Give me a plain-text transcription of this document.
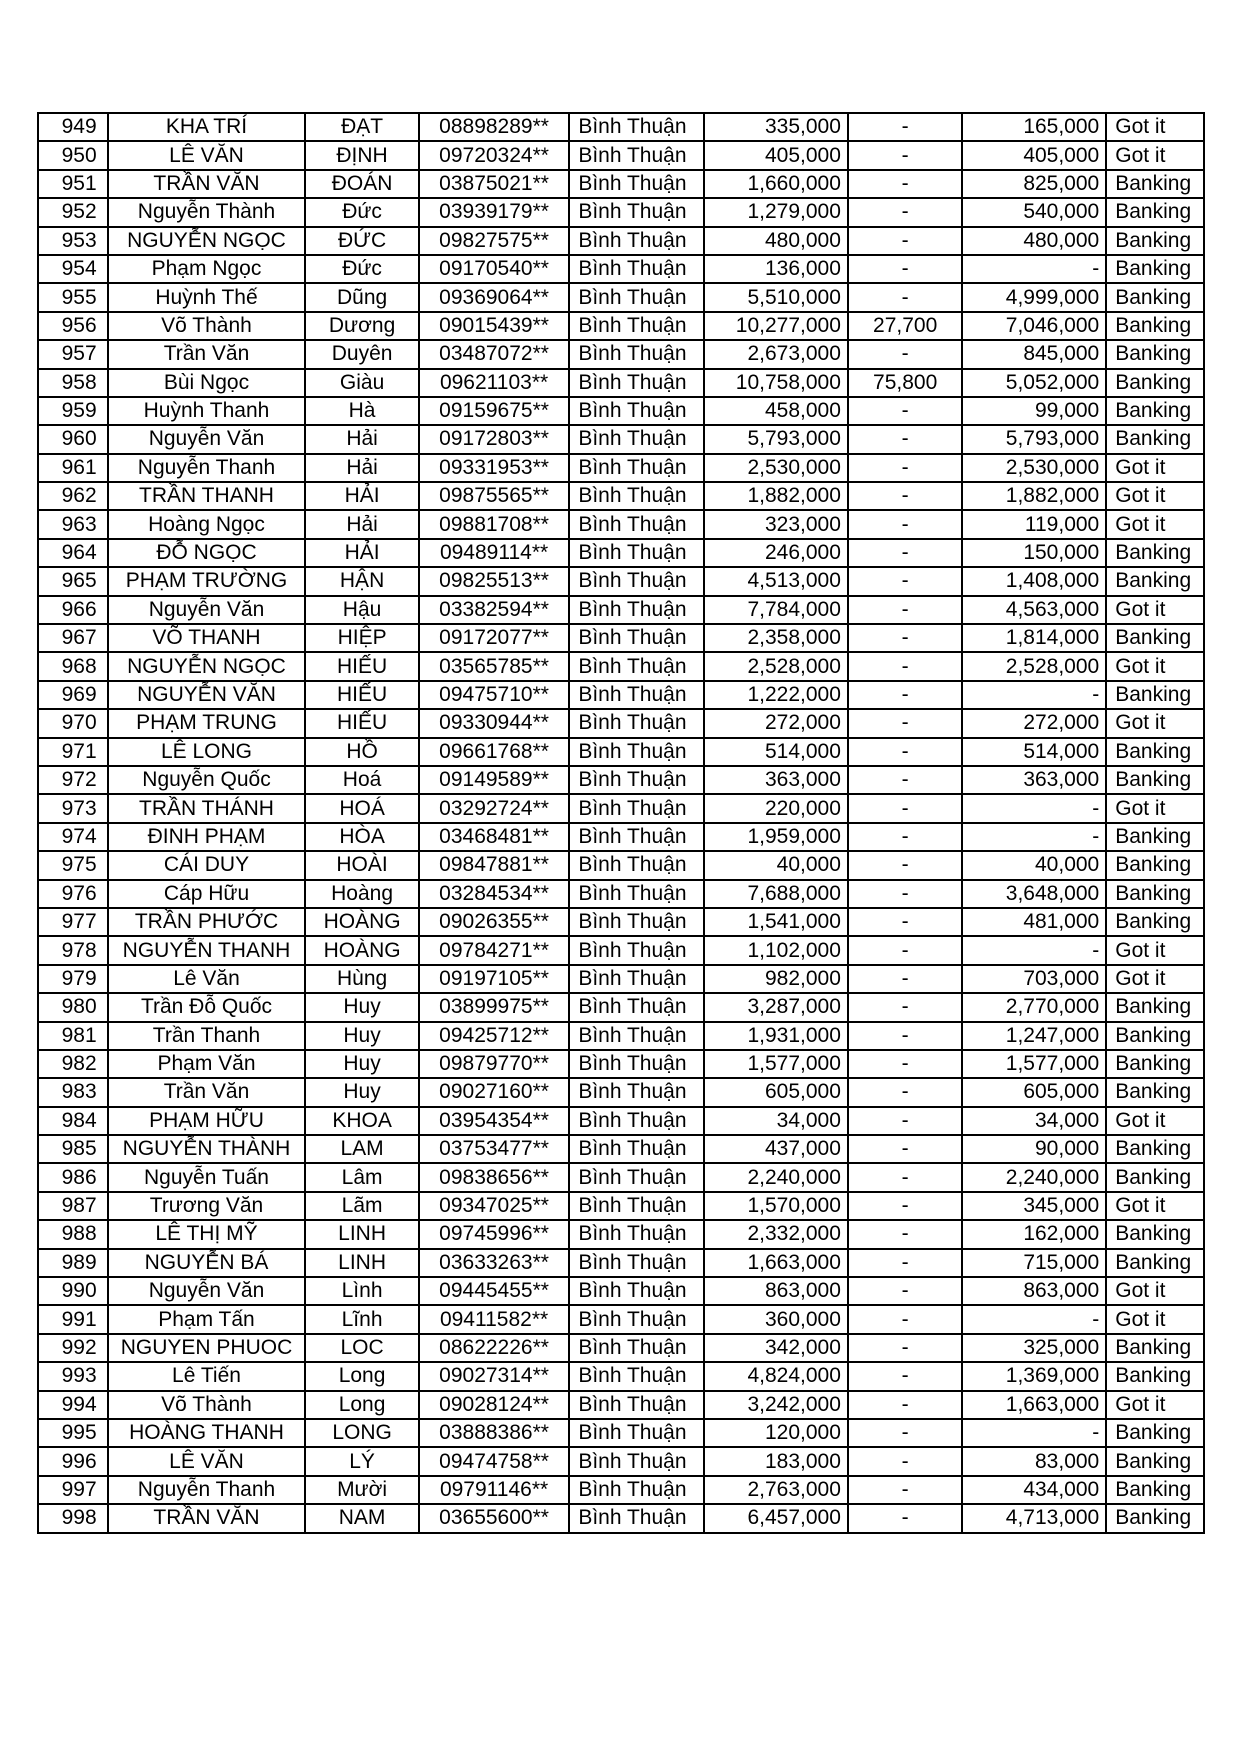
949	KHA TRÍ	ĐẠT	08898289**	Bình Thuận	335,000	-	165,000	Got it
950	LÊ VĂN	ĐỊNH	09720324**	Bình Thuận	405,000	-	405,000	Got it
951	TRẦN VĂN	ĐOÁN	03875021**	Bình Thuận	1,660,000	-	825,000	Banking
952	Nguyễn Thành	Đức	03939179**	Bình Thuận	1,279,000	-	540,000	Banking
953	NGUYỄN NGỌC	ĐỨC	09827575**	Bình Thuận	480,000	-	480,000	Banking
954	Phạm Ngọc	Đức	09170540**	Bình Thuận	136,000	-	-	Banking
955	Huỳnh Thế	Dũng	09369064**	Bình Thuận	5,510,000	-	4,999,000	Banking
956	Võ Thành	Dương	09015439**	Bình Thuận	10,277,000	27,700	7,046,000	Banking
957	Trần Văn	Duyên	03487072**	Bình Thuận	2,673,000	-	845,000	Banking
958	Bùi Ngọc	Giàu	09621103**	Bình Thuận	10,758,000	75,800	5,052,000	Banking
959	Huỳnh Thanh	Hà	09159675**	Bình Thuận	458,000	-	99,000	Banking
960	Nguyễn Văn	Hải	09172803**	Bình Thuận	5,793,000	-	5,793,000	Banking
961	Nguyễn Thanh	Hải	09331953**	Bình Thuận	2,530,000	-	2,530,000	Got it
962	TRẦN THANH	HẢI	09875565**	Bình Thuận	1,882,000	-	1,882,000	Got it
963	Hoàng Ngọc	Hải	09881708**	Bình Thuận	323,000	-	119,000	Got it
964	ĐỖ NGỌC	HẢI	09489114**	Bình Thuận	246,000	-	150,000	Banking
965	PHẠM TRƯỜNG	HẬN	09825513**	Bình Thuận	4,513,000	-	1,408,000	Banking
966	Nguyễn Văn	Hậu	03382594**	Bình Thuận	7,784,000	-	4,563,000	Got it
967	VÕ THANH	HIỆP	09172077**	Bình Thuận	2,358,000	-	1,814,000	Banking
968	NGUYỄN NGỌC	HIẾU	03565785**	Bình Thuận	2,528,000	-	2,528,000	Got it
969	NGUYỄN VĂN	HIẾU	09475710**	Bình Thuận	1,222,000	-	-	Banking
970	PHẠM TRUNG	HIẾU	09330944**	Bình Thuận	272,000	-	272,000	Got it
971	LÊ LONG	HỒ	09661768**	Bình Thuận	514,000	-	514,000	Banking
972	Nguyễn Quốc	Hoá	09149589**	Bình Thuận	363,000	-	363,000	Banking
973	TRẦN THÁNH	HOÁ	03292724**	Bình Thuận	220,000	-	-	Got it
974	ĐINH PHẠM	HÒA	03468481**	Bình Thuận	1,959,000	-	-	Banking
975	CÁI DUY	HOÀI	09847881**	Bình Thuận	40,000	-	40,000	Banking
976	Cáp Hữu	Hoàng	03284534**	Bình Thuận	7,688,000	-	3,648,000	Banking
977	TRẦN PHƯỚC	HOÀNG	09026355**	Bình Thuận	1,541,000	-	481,000	Banking
978	NGUYỄN THANH	HOÀNG	09784271**	Bình Thuận	1,102,000	-	-	Got it
979	Lê Văn	Hùng	09197105**	Bình Thuận	982,000	-	703,000	Got it
980	Trần Đỗ Quốc	Huy	03899975**	Bình Thuận	3,287,000	-	2,770,000	Banking
981	Trần Thanh	Huy	09425712**	Bình Thuận	1,931,000	-	1,247,000	Banking
982	Phạm Văn	Huy	09879770**	Bình Thuận	1,577,000	-	1,577,000	Banking
983	Trần Văn	Huy	09027160**	Bình Thuận	605,000	-	605,000	Banking
984	PHẠM HỮU	KHOA	03954354**	Bình Thuận	34,000	-	34,000	Got it
985	NGUYỄN THÀNH	LAM	03753477**	Bình Thuận	437,000	-	90,000	Banking
986	Nguyễn Tuấn	Lâm	09838656**	Bình Thuận	2,240,000	-	2,240,000	Banking
987	Trương Văn	Lãm	09347025**	Bình Thuận	1,570,000	-	345,000	Got it
988	LÊ THỊ MỸ	LINH	09745996**	Bình Thuận	2,332,000	-	162,000	Banking
989	NGUYỄN BÁ	LINH	03633263**	Bình Thuận	1,663,000	-	715,000	Banking
990	Nguyễn Văn	Lình	09445455**	Bình Thuận	863,000	-	863,000	Got it
991	Phạm Tấn	Lĩnh	09411582**	Bình Thuận	360,000	-	-	Got it
992	NGUYEN PHUOC	LOC	08622226**	Bình Thuận	342,000	-	325,000	Banking
993	Lê Tiến	Long	09027314**	Bình Thuận	4,824,000	-	1,369,000	Banking
994	Võ Thành	Long	09028124**	Bình Thuận	3,242,000	-	1,663,000	Got it
995	HOÀNG THANH	LONG	03888386**	Bình Thuận	120,000	-	-	Banking
996	LÊ VĂN	LÝ	09474758**	Bình Thuận	183,000	-	83,000	Banking
997	Nguyễn Thanh	Mười	09791146**	Bình Thuận	2,763,000	-	434,000	Banking
998	TRẦN VĂN	NAM	03655600**	Bình Thuận	6,457,000	-	4,713,000	Banking
